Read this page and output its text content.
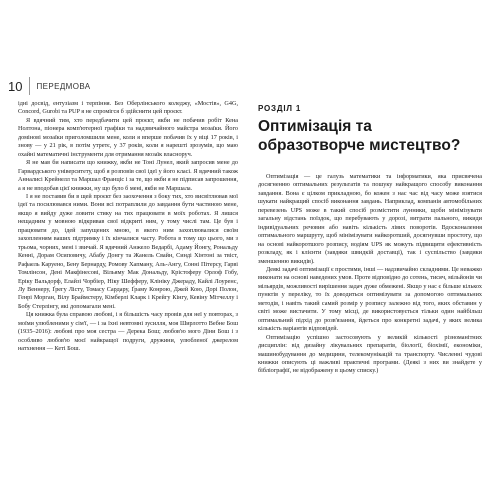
10 ПЕРЕДМОВА

ідні досвід, ентузіазм і терпіння. Без Оберлінського коледжу, «Мостів», G4G, Concord, Gurobi та PUP я не спромігся б здійснити цей проєкт.

Я вдячний тим, хто передбачити цей проєкт, якби не побачив робіт Кена Нолтона, піонера комп'ютерної графіки та надзвичайного майстра мозаїки. Його домінові мозаїки приголомшили мене, коли я вперше побачив їх у віці 17 років, і знову — у 21 рік, в потім утретє, у 37 років, коли я нарешті зрозумів, що маю охайні математичні інструменти для отримання мозаїк власноруч.

Я не мав би написати що книжку, якби не Тоні Лунел, який запросив мене до Гарвардського університету, щоб я розповів свої ідеї у його класі. Я вдячний також Анналисі Крейнелл та Маршал Франціс і за те, що якби я не підписав запрошення, а я не вподобав цієї книжки, ну що було б мені, якби не Маршала.

І я не поставив би в щей проєкт без заохочення з боку тих, хто висвітлював мої ідеї та посилювався ними. Вони всі потраплили до завдання бути частиною мене, якщо я вийду дуже ловити стику на тих працювати в моїх роботах. Я лишся нещадним у мовною відкривав свої відкриті ним, у тому числі там. Це був і працювати до, ідей запущених мною, в якого ним захоплювалися своїм захопленням ваших підтримку і їх кінчалися часту. Робота в тому що цього, ми з трьома, чорних, мені і звичай. Я вдячний Анжело Ведарбі, Адаму Йонгу, Рональду Кенні, Дорам Осиповичу, Абабу Донгу та Жанель Свайн, Синді Хінтоні за твіст, Рафаель Каруено, Бену Бернарду, Ромову Хапману, Аль-Ангу, Сонні Пітерсу, Гарві Томлінсон, Дені Макфінесові, Вільяму Мак Дональду, Крістоферу Орлоф Гобу, Еріку Вальдорф, Елайзі Чорбіер, Ніку Шефферу, Клініку Джераду, Кайлі Лоуренс, Лу Веннеру, Ґрегу Лісту, Томасу Сардару, Ґраму Конрою, Джей Кою, Дорі Полон, Генрі Морган, Вілу Браймстеру, Кімберлі Кларк і Крейгу Кінгу, Кевіну Мітчеллу і Бобу Стерлінгу, які допомагали мені.

Ця книжка була справою любові, і я більшість часу провів для неї у повторах, з моїми улюбленими у сім'ї, — і за їхні невтомні зусилля, моя Ширлотто Вебне Бош (1935–2016): любові про моя сестра — Дерека Бош; любов'ю мого Діни Бош і з особливо любов'ю моєї найкращої подруги, дружини, улюбленої джерелом натхнення — Кеті Бош.

РОЗДІЛ 1
Оптимізація та образотворче мистецтво?

Оптимізація — це галузь математики та інформатики, яка присвячена досягненню оптимальних результатів та пошуку найкращого способу виконання завдання. Вона є цілком прикладною, бо кожен з нас час від часу може взятися шукати найкращий спосіб виконання завдань. Наприклад, компанія автомобільних перевезень UPS може в такий спосіб розмістити лунники, щоби мінімізувати загальну відстань поїздок, що перебувають у дорозі, витрати пального, викиди індивідуальних речовин або навіть кількість лівих поворотів. Вдосконалення оптимального маршруту, щоб мінімізувати найкоротший, досягнувши простоту, що на основі найкоротшого розпису, водіям UPS як можуть підвищити ефективність розкладу, як і клієнти (завдяки швидкій доставці), так і суспільство (завдяки зменшенню викидів).

Деякі задачі оптимізації є простими, інші — надзвичайно складними. Це неважко виконати на основі наведених умов. Проте відповідно до сотень, тисяч, мільйонів чи мільярдів, можливості вирішення задач дуже обмежені. Якщо у нас є більше кількох пунктів у переліку, то їх доводиться оптимізувати за допомогою оптимальних методів, і навіть такий самий розмір у розпису залежно від того, яких обставин у світі може вистачити. У тому місці, де використовується тільки один найбільш оптимальний підхід до розв'язання, йдеться про конкретні задачі, у яких велика кількість варіантів відповідей.

Оптимізацію успішно застосовують у великій кількості різноманітних дисциплін: від дизайну лікувальних препаратів, біології, біохімії, економіки, машинобудування до медицини, телекомунікацій та транспорту. Численні чудові книжки описують ці важливі практичні програми. (Деякі з них ви знайдете у бібліографії, не відображену в цьому списку.)
